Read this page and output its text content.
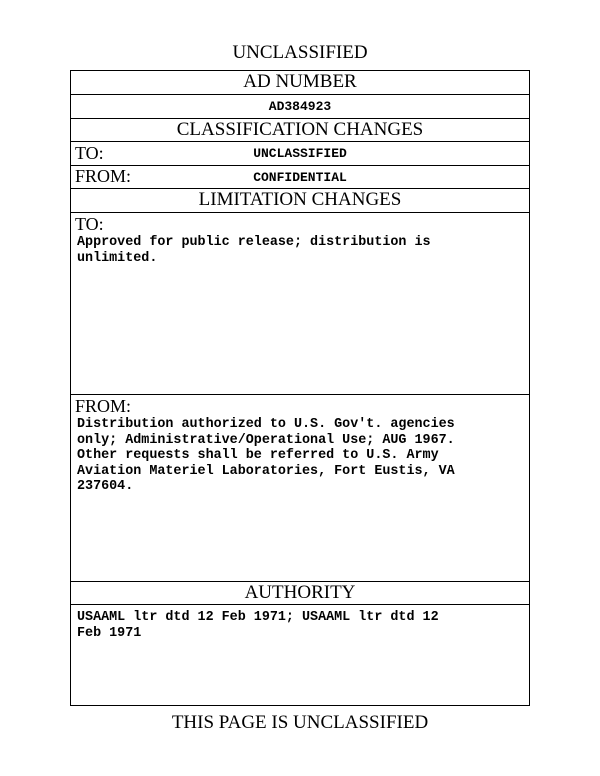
UNCLASSIFIED
AD NUMBER
AD384923
CLASSIFICATION CHANGES
TO:	UNCLASSIFIED
FROM:	CONFIDENTIAL
LIMITATION CHANGES
TO:
Approved for public release; distribution is
unlimited.
FROM:
Distribution authorized to U.S. Gov't. agencies
only; Administrative/Operational Use; AUG 1967.
Other requests shall be referred to U.S. Army
Aviation Materiel Laboratories, Fort Eustis, VA
237604.
AUTHORITY
USAAML ltr dtd 12 Feb 1971; USAAML ltr dtd 12
Feb 1971
THIS PAGE IS UNCLASSIFIED
